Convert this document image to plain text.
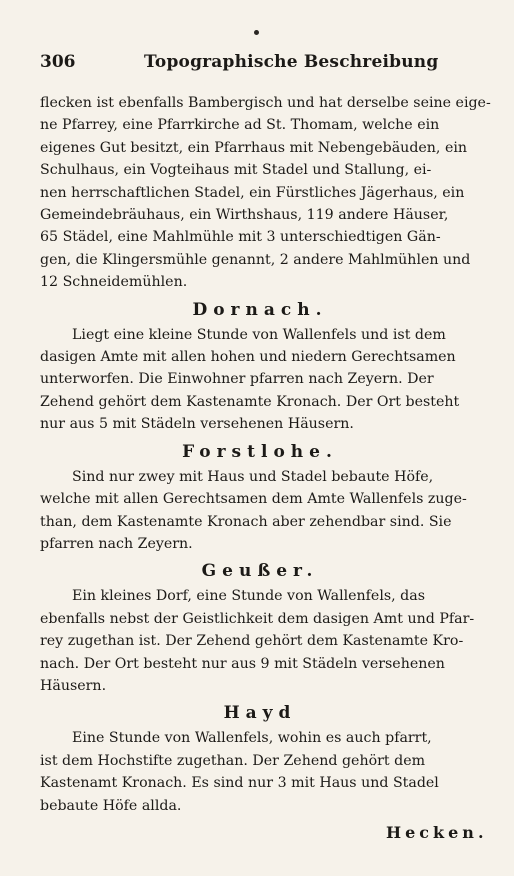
306	Topographische Beschreibung

flecken ist ebenfalls Bambergisch und hat derselbe seine eige-
ne Pfarrey, eine Pfarrkirche ad St. Thomam, welche ein
eigenes Gut besitzt, ein Pfarrhaus mit Nebengebäuden, ein
Schulhaus, ein Vogteihaus mit Stadel und Stallung, ei-
nen herrschaftlichen Stadel, ein Fürstliches Jägerhaus, ein
Gemeindebräuhaus, ein Wirthshaus, 119 andere Häuser,
65 Städel, eine Mahlmühle mit 3 unterschiedtigen Gän-
gen, die Klingersmühle genannt, 2 andere Mahlmühlen und
12 Schneidemühlen.

Dornach.

Liegt eine kleine Stunde von Wallenfels und ist dem
dasigen Amte mit allen hohen und niedern Gerechtsamen
unterworfen. Die Einwohner pfarren nach Zeyern. Der
Zehend gehört dem Kastenamte Kronach. Der Ort besteht
nur aus 5 mit Städeln versehenen Häusern.

Forstlohe.

Sind nur zwey mit Haus und Stadel bebaute Höfe,
welche mit allen Gerechtsamen dem Amte Wallenfels zuge-
than, dem Kastenamte Kronach aber zehendbar sind. Sie
pfarren nach Zeyern.

Geußer.

Ein kleines Dorf, eine Stunde von Wallenfels, das
ebenfalls nebst der Geistlichkeit dem dasigen Amt und Pfar-
rey zugethan ist. Der Zehend gehört dem Kastenamte Kro-
nach. Der Ort besteht nur aus 9 mit Städeln versehenen
Häusern.

Hayd

Eine Stunde von Wallenfels, wohin es auch pfarrt,
ist dem Hochstifte zugethan. Der Zehend gehört dem
Kastenamt Kronach. Es sind nur 3 mit Haus und Stadel
bebaute Höfe allda.

Hecken.
